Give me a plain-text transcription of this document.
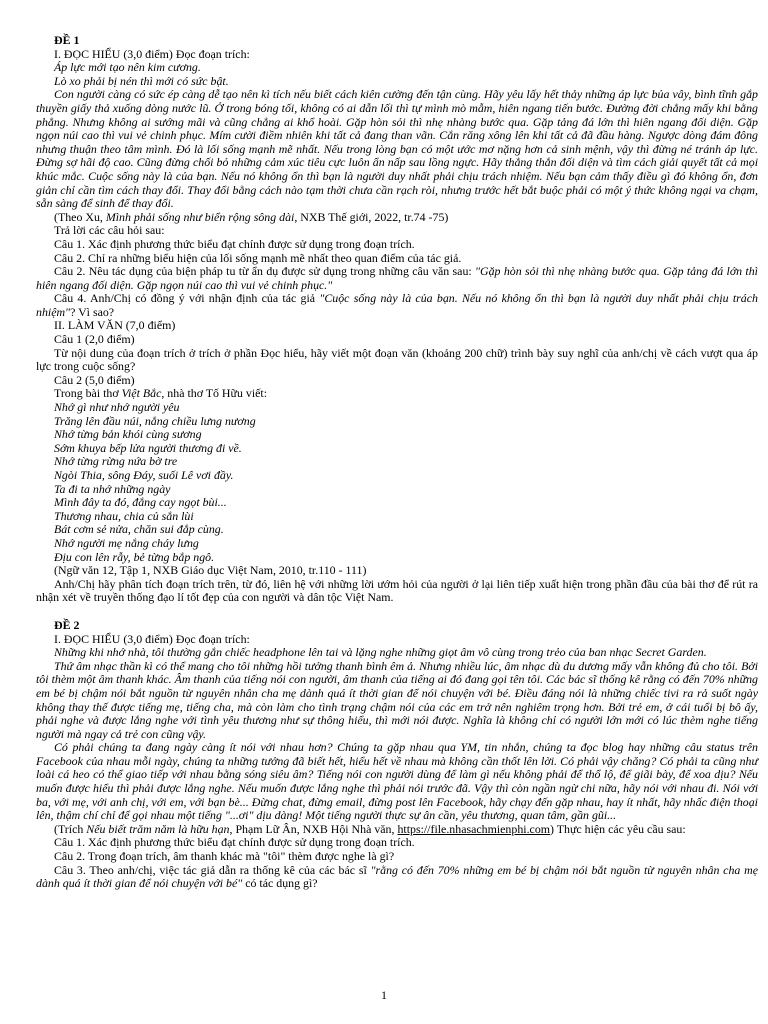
ĐỀ 1
I. ĐỌC HIỂU (3,0 điểm) Đọc đoạn trích:
Áp lực mới tạo nên kim cương.
Lò xo phải bị nén thì mới có sức bật.
Con người càng có sức ép càng dễ tạo nên kì tích nếu biết cách kiên cường đến tận cùng. Hãy yêu lấy hết thảy những áp lực bủa vây, bình tĩnh gắp thuyền giấy thả xuống dòng nước lũ. Ở trong bóng tối, không có ai dẫn lối thì tự mình mò mẫm, hiên ngang tiến bước. Đường đời chẳng mấy khi bằng phẳng. Nhưng không ai sướng mãi và cũng chẳng ai khổ hoài. Gặp hòn sỏi thì nhẹ nhàng bước qua. Gặp tảng đá lớn thì hiên ngang đối diện. Gặp ngọn núi cao thì vui vẻ chinh phục. Mím cười điềm nhiên khi tất cả đang than vãn. Cắn răng xông lên khi tất cả đã đầu hàng. Ngược dòng đám đông nhưng thuận theo tâm mình. Đó là lối sống mạnh mẽ nhất. Nếu trong lòng bạn có một ước mơ nặng hơn cả sinh mệnh, vậy thì đừng né tránh áp lực. Đừng sợ hãi độ cao. Cũng đừng chối bỏ những cảm xúc tiêu cực luôn ẩn nấp sau lồng ngực. Hãy thẳng thắn đối diện và tìm cách giải quyết tất cả mọi khúc mắc. Cuộc sống này là của bạn. Nếu nó không ổn thì bạn là người duy nhất phải chịu trách nhiệm. Nếu bạn cảm thấy điều gì đó không ổn, đơn giản chỉ cần tìm cách thay đổi. Thay đổi bằng cách nào tạm thời chưa cần rạch ròi, nhưng trước hết bắt buộc phải có một ý thức không ngại va chạm, sẵn sàng để sinh để thay đổi.
(Theo Xu, Mình phải sống như biển rộng sông dài, NXB Thế giới, 2022, tr.74 -75)
Trả lời các câu hỏi sau:
Câu 1. Xác định phương thức biểu đạt chính được sử dụng trong đoạn trích.
Câu 2. Chỉ ra những biểu hiện của lối sống mạnh mẽ nhất theo quan điểm của tác giả.
Câu 2. Nêu tác dụng của biện pháp tu từ ẩn dụ được sử dụng trong những câu văn sau: "Gặp hòn sỏi thì nhẹ nhàng bước qua. Gặp tảng đá lớn thì hiên ngang đối diện. Gặp ngọn núi cao thì vui vẻ chinh phục."
Câu 4. Anh/Chị có đồng ý với nhận định của tác giả "Cuộc sống này là của bạn. Nếu nó không ổn thì bạn là người duy nhất phải chịu trách nhiệm"? Vì sao?
II. LÀM VĂN (7,0 điểm)
Câu 1 (2,0 điểm)
Từ nội dung của đoạn trích ở trích ở phần Đọc hiểu, hãy viết một đoạn văn (khoảng 200 chữ) trình bày suy nghĩ của anh/chị về cách vượt qua áp lực trong cuộc sống?
Câu 2 (5,0 điểm)
Trong bài thơ Việt Bắc, nhà thơ Tố Hữu viết:
Nhớ gì như nhớ người yêu
Trăng lên đầu núi, nắng chiều lưng nương
Nhớ từng bản khói cùng sương
Sớm khuya bếp lửa người thương đi về.
Nhớ từng rừng nứa bờ tre
Ngòi Thia, sông Đáy, suối Lê vơi đầy.
Ta đi ta nhớ những ngày
Mình đây ta đó, đắng cay ngọt bùi...
Thương nhau, chia củ sắn lùi
Bát cơm sẻ nửa, chăn sui đắp cùng.
Nhớ người mẹ nắng cháy lưng
Địu con lên rẫy, bẻ từng bắp ngô.
(Ngữ văn 12, Tập 1, NXB Giáo dục Việt Nam, 2010, tr.110 - 111)
Anh/Chị hãy phân tích đoạn trích trên, từ đó, liên hệ với những lời ướm hỏi của người ở lại liên tiếp xuất hiện trong phần đầu của bài thơ để rút ra nhận xét về truyền thống đạo lí tốt đẹp của con người và dân tộc Việt Nam.
ĐỀ 2
I. ĐỌC HIỂU (3,0 điểm) Đọc đoạn trích:
Những khi nhớ nhà, tôi thường gắn chiếc headphone lên tai và lặng nghe những giọt âm vô cùng trong trẻo của ban nhạc Secret Garden.
Thứ âm nhạc thần kì có thể mang cho tôi những hồi tưởng thanh bình êm ả. Nhưng nhiều lúc, âm nhạc dù du dương mấy vẫn không đủ cho tôi. Bởi tôi thèm một âm thanh khác. Âm thanh của tiếng nói con người, âm thanh của tiếng ai đó đang gọi tên tôi. Các bác sĩ thống kê rằng có đến 70% những em bé bị chậm nói bắt nguồn từ nguyên nhân cha mẹ dành quá ít thời gian để nói chuyện với bé. Điều đáng nói là những chiếc tivi ra rả suốt ngày không thay thế được tiếng mẹ, tiếng cha, mà còn làm cho tình trạng chậm nói của các em trở nên nghiêm trọng hơn. Bởi trẻ em, ở cái tuổi bị bô ấy, phải nghe và được lắng nghe với tình yêu thương như sự thông hiểu, thì mới nói được. Nghĩa là không chỉ có người lớn mới có lúc thèm nghe tiếng người mà ngay cả trẻ con cũng vậy.
Có phải chúng ta đang ngày càng ít nói với nhau hơn? Chúng ta gặp nhau qua YM, tin nhắn, chúng ta đọc blog hay những câu status trên Facebook của nhau mỗi ngày, chúng ta những tưởng đã biết hết, hiểu hết về nhau mà không cần thốt lên lời. Có phải vậy chăng? Có phải ta cũng như loài cá heo có thể giao tiếp với nhau bằng sóng siêu âm? Tiếng nói con người dùng để làm gì nếu không phải để thổ lộ, để giãi bày, để xoa dịu? Nếu muốn được hiểu thì phải được lắng nghe. Nếu muốn được lắng nghe thì phải nói trước đã. Vậy thì còn ngần ngừ chi nữa, hãy nói với nhau đi. Nói với ba, với mẹ, với anh chị, với em, với bạn bè... Đừng chat, đừng email, đừng post lên Facebook, hãy chạy đến gặp nhau, hay ít nhất, hãy nhấc điện thoại lên, thậm chí chỉ để gọi nhau một tiếng "...ơi" dịu dàng! Một tiếng người thực sự ân cần, yêu thương, quan tâm, gần gũi...
(Trích Nếu biết trăm năm là hữu hạn, Phạm Lữ Ân, NXB Hội Nhà văn, https://file.nhasachmienphi.com) Thực hiện các yêu cầu sau:
Câu 1. Xác định phương thức biểu đạt chính được sử dụng trong đoạn trích.
Câu 2. Trong đoạn trích, âm thanh khác mà "tôi" thèm được nghe là gì?
Câu 3. Theo anh/chị, việc tác giả dẫn ra thống kê của các bác sĩ "rằng có đến 70% những em bé bị chậm nói bắt nguồn từ nguyên nhân cha mẹ dành quá ít thời gian để nói chuyện với bé" có tác dụng gì?
1
